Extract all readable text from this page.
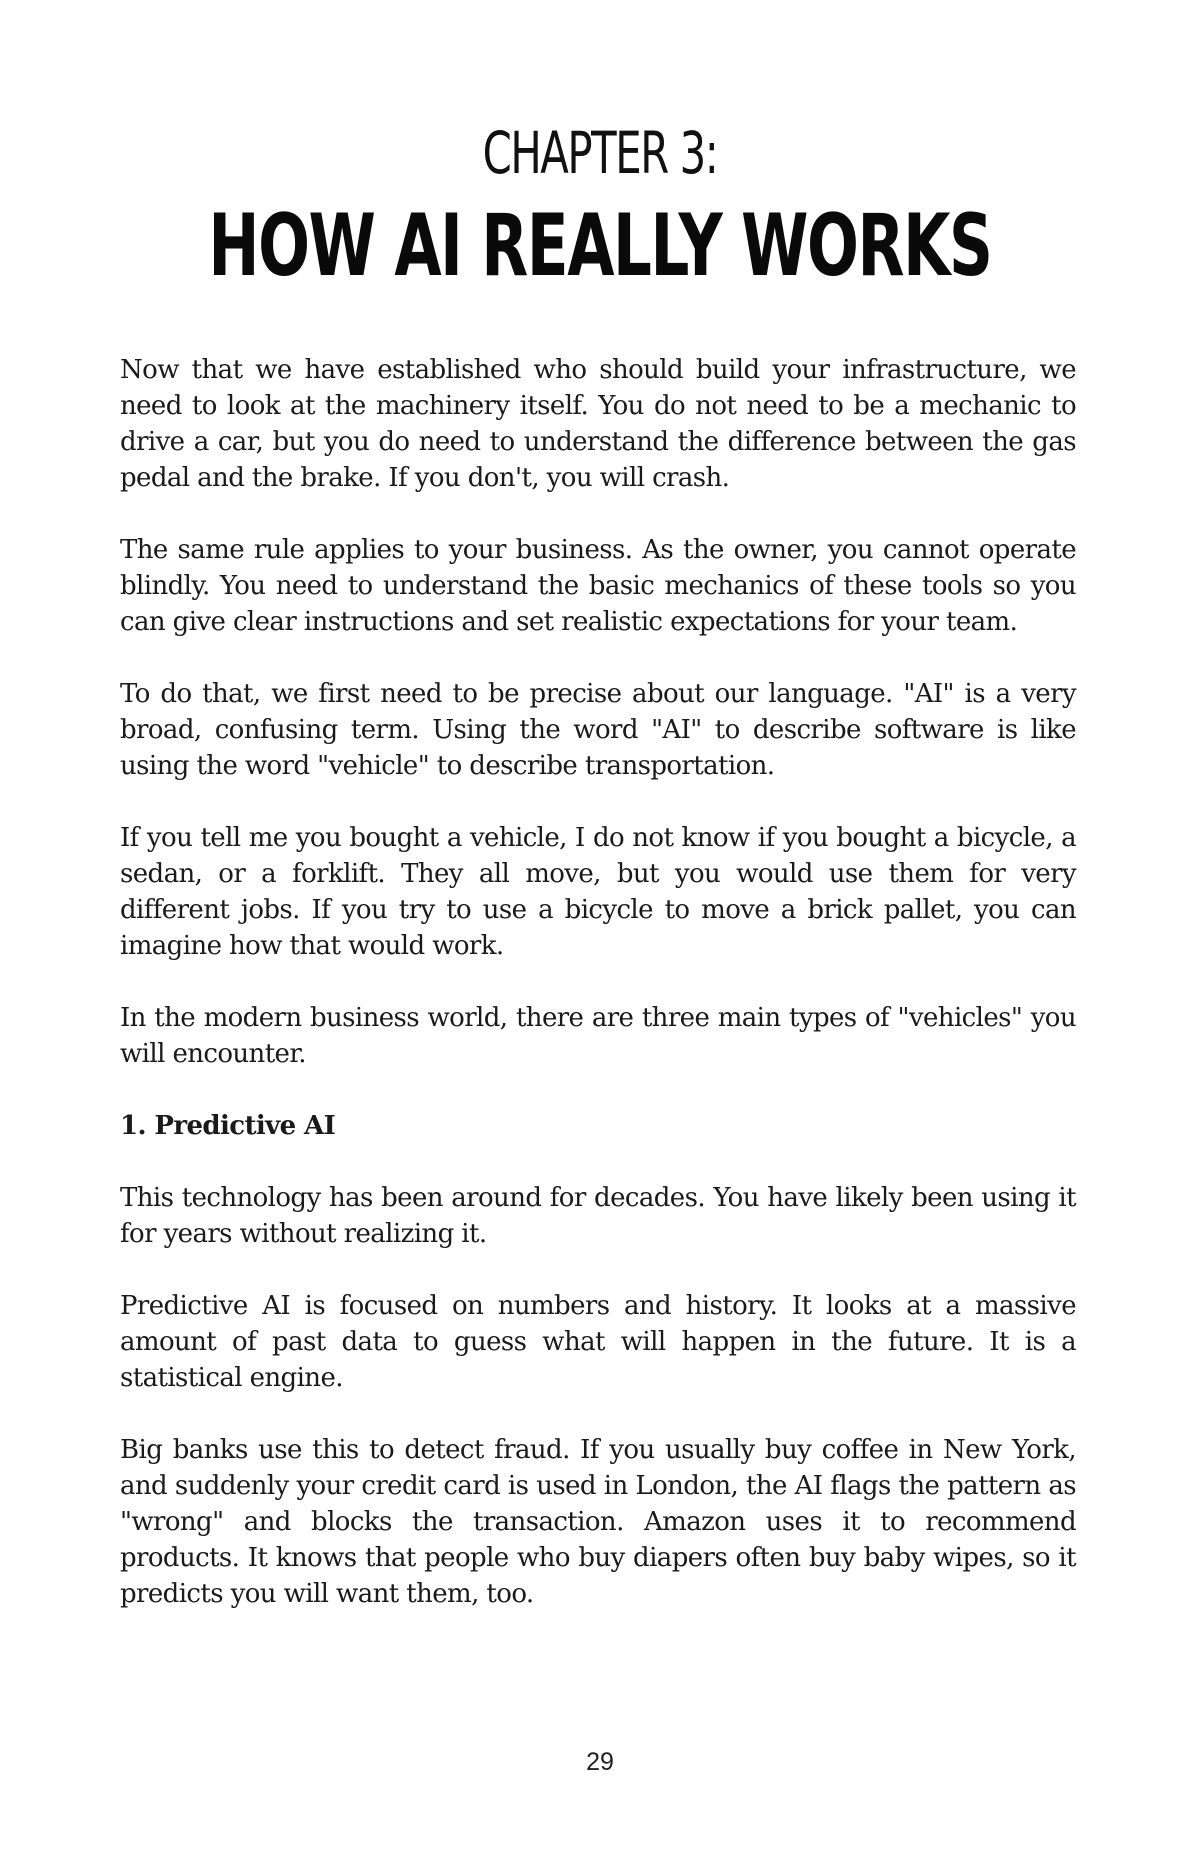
CHAPTER 3:
HOW AI REALLY WORKS

Now that we have established who should build your infrastructure, we need to look at the machinery itself. You do not need to be a mechanic to drive a car, but you do need to understand the difference between the gas pedal and the brake. If you don't, you will crash.

The same rule applies to your business. As the owner, you cannot operate blindly. You need to understand the basic mechanics of these tools so you can give clear instructions and set realistic expectations for your team.

To do that, we first need to be precise about our language. "AI" is a very broad, confusing term. Using the word "AI" to describe software is like using the word "vehicle" to describe transportation.

If you tell me you bought a vehicle, I do not know if you bought a bicycle, a sedan, or a forklift. They all move, but you would use them for very different jobs. If you try to use a bicycle to move a brick pallet, you can imagine how that would work.

In the modern business world, there are three main types of "vehicles" you will encounter.

1. Predictive AI

This technology has been around for decades. You have likely been using it for years without realizing it.

Predictive AI is focused on numbers and history. It looks at a massive amount of past data to guess what will happen in the future. It is a statistical engine.

Big banks use this to detect fraud. If you usually buy coffee in New York, and suddenly your credit card is used in London, the AI flags the pattern as "wrong" and blocks the transaction. Amazon uses it to recommend products. It knows that people who buy diapers often buy baby wipes, so it predicts you will want them, too.

29
